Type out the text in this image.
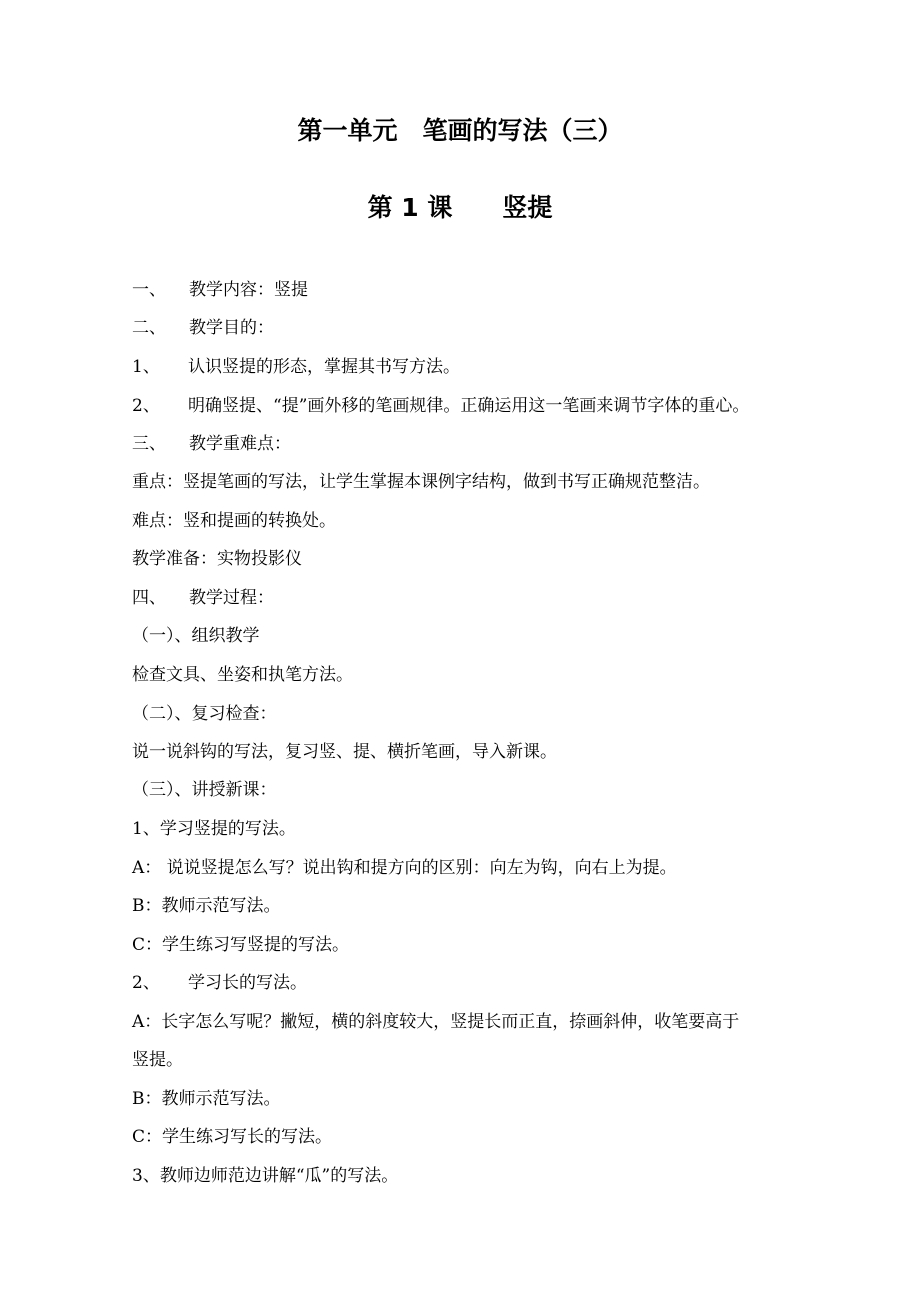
第一单元　笔画的写法（三）
第 1 课　　竖提
一、 教学内容：竖提
二、 教学目的：
1、 认识竖提的形态，掌握其书写方法。
2、 明确竖提、“提”画外移的笔画规律。正确运用这一笔画来调节字体的重心。
三、 教学重难点：
重点：竖提笔画的写法，让学生掌握本课例字结构，做到书写正确规范整洁。
难点：竖和提画的转换处。
教学准备：实物投影仪
四、 教学过程：
（一）、组织教学
检查文具、坐姿和执笔方法。
（二）、复习检查：
说一说斜钩的写法，复习竖、提、横折笔画，导入新课。
（三）、讲授新课：
1、学习竖提的写法。
A： 说说竖提怎么写？说出钩和提方向的区别：向左为钩，向右上为提。
B：教师示范写法。
C：学生练习写竖提的写法。
2、 学习长的写法。
A：长字怎么写呢？撇短，横的斜度较大，竖提长而正直，捺画斜伸，收笔要高于
竖提。
B：教师示范写法。
C：学生练习写长的写法。
3、教师边师范边讲解“瓜”的写法。
